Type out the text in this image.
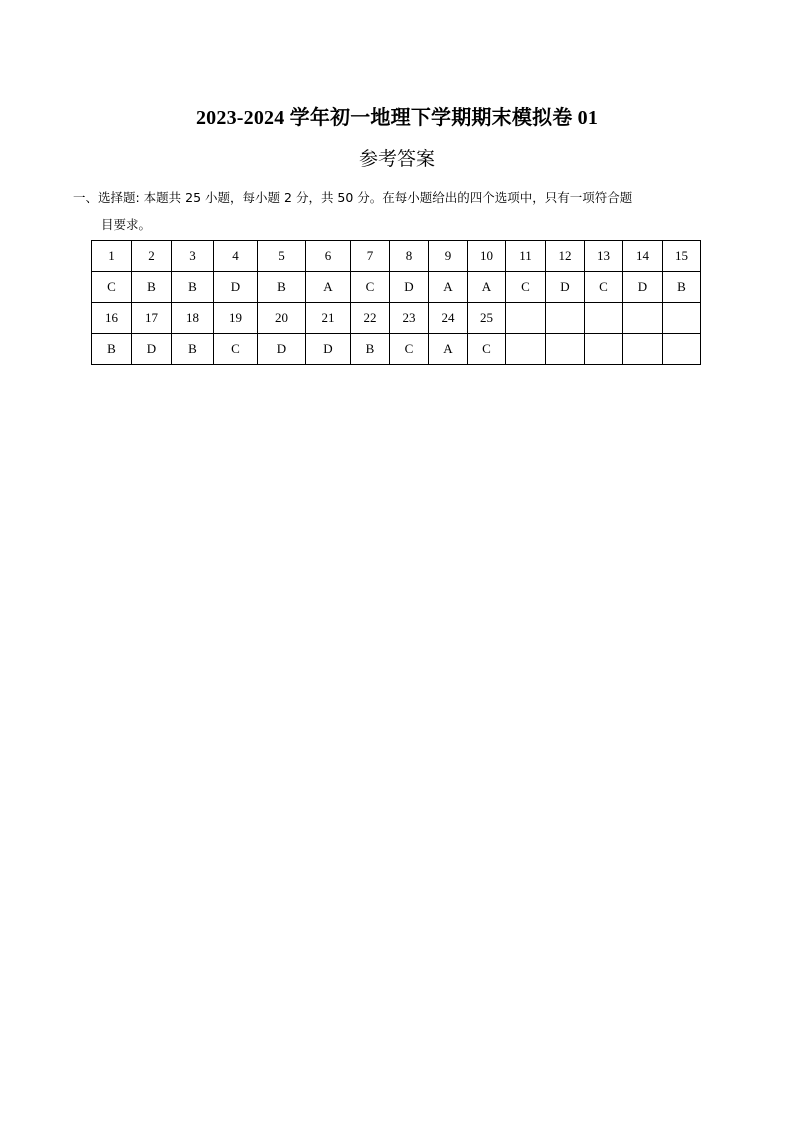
2023-2024 学年初一地理下学期期末模拟卷 01
参考答案
一、选择题: 本题共 25 小题，每小题 2 分，共 50 分。在每小题给出的四个选项中，只有一项符合题
目要求。
1	2	3	4	5	6	7	8	9	10	11	12	13	14	15
C	B	B	D	B	A	C	D	A	A	C	D	C	D	B
16	17	18	19	20	21	22	23	24	25					
B	D	B	C	D	D	B	C	A	C					
